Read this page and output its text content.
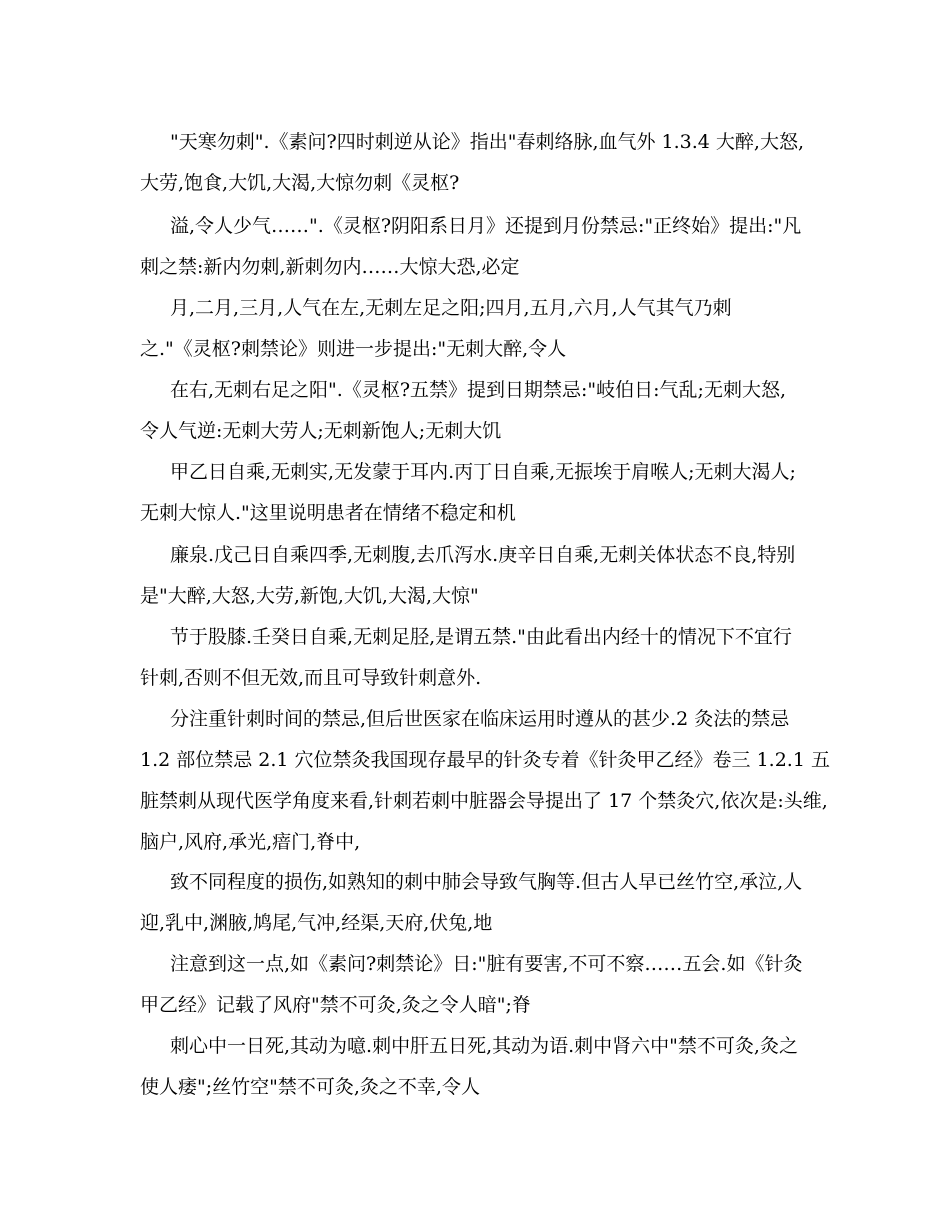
"天寒勿刺".《素问?四时刺逆从论》指出"春刺络脉,血气外 1.3.4 大醉,大怒,
大劳,饱食,大饥,大渴,大惊勿刺《灵枢?
溢,令人少气……".《灵枢?阴阳系日月》还提到月份禁忌:"正终始》提出:"凡
刺之禁:新内勿刺,新刺勿内……大惊大恐,必定
月,二月,三月,人气在左,无刺左足之阳;四月,五月,六月,人气其气乃刺
之."《灵枢?刺禁论》则进一步提出:"无刺大醉,令人
在右,无刺右足之阳".《灵枢?五禁》提到日期禁忌:"岐伯日:气乱;无刺大怒,
令人气逆:无刺大劳人;无刺新饱人;无刺大饥
甲乙日自乘,无刺实,无发蒙于耳内.丙丁日自乘,无振埃于肩喉人;无刺大渴人;
无刺大惊人."这里说明患者在情绪不稳定和机
廉泉.戊己日自乘四季,无刺腹,去爪泻水.庚辛日自乘,无刺关体状态不良,特别
是"大醉,大怒,大劳,新饱,大饥,大渴,大惊"
节于股膝.壬癸日自乘,无刺足胫,是谓五禁."由此看出内经十的情况下不宜行
针刺,否则不但无效,而且可导致针刺意外.
分注重针刺时间的禁忌,但后世医家在临床运用时遵从的甚少.2 灸法的禁忌
1.2 部位禁忌 2.1 穴位禁灸我国现存最早的针灸专着《针灸甲乙经》卷三 1.2.1 五
脏禁刺从现代医学角度来看,针刺若刺中脏器会导提出了 17 个禁灸穴,依次是:头维,
脑户,风府,承光,瘖门,脊中,
致不同程度的损伤,如熟知的刺中肺会导致气胸等.但古人早已丝竹空,承泣,人
迎,乳中,渊腋,鸠尾,气冲,经渠,天府,伏兔,地
注意到这一点,如《素问?刺禁论》日:"脏有要害,不可不察……五会.如《针灸
甲乙经》记载了风府"禁不可灸,灸之令人暗";脊
刺心中一日死,其动为噫.刺中肝五日死,其动为语.刺中肾六中"禁不可灸,灸之
使人痿";丝竹空"禁不可灸,灸之不幸,令人
